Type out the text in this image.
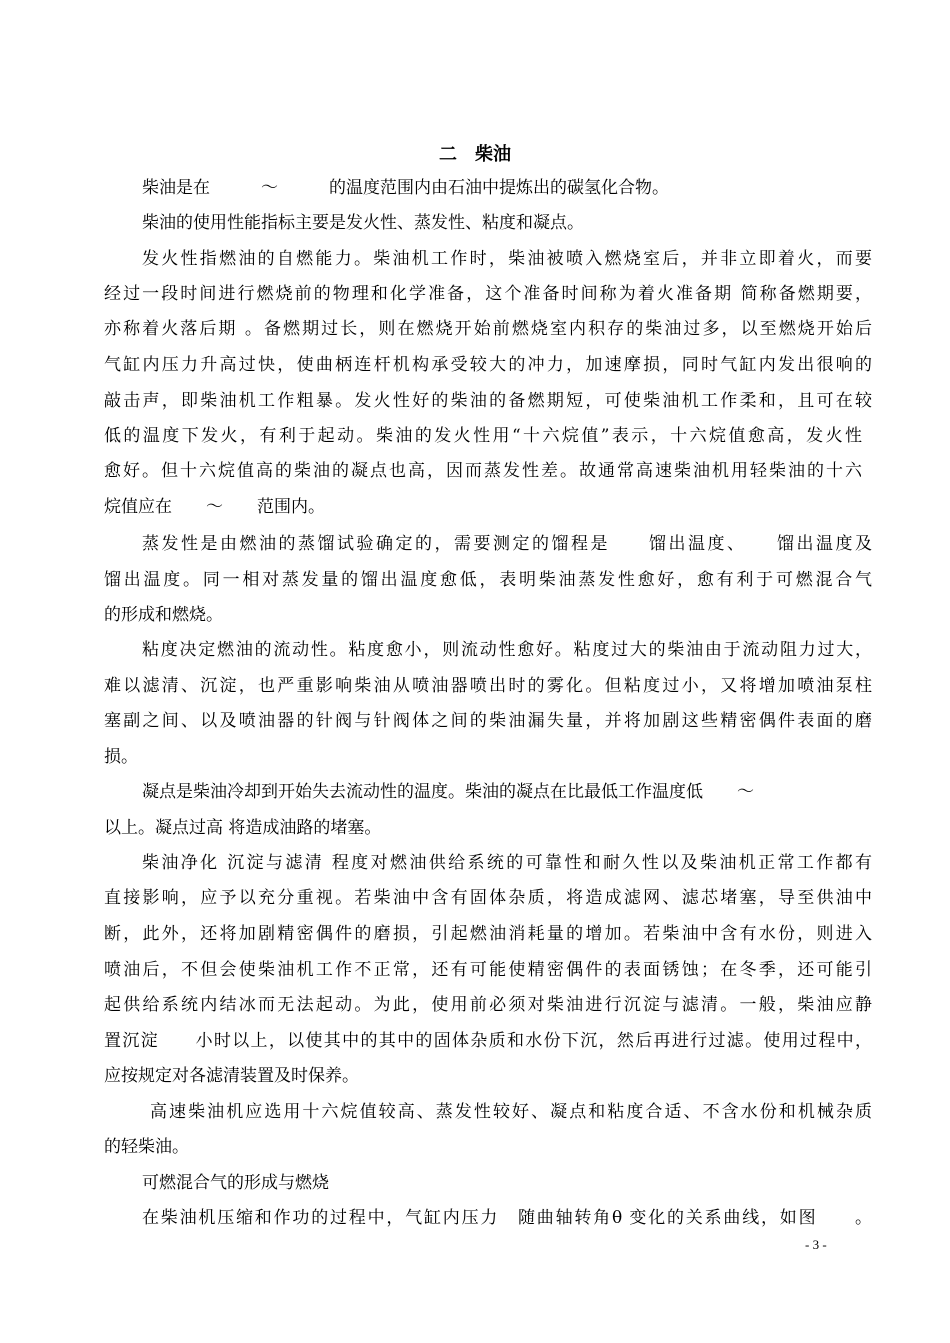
二　柴油
柴油是在　　　～　　　的温度范围内由石油中提炼出的碳氢化合物。
柴油的使用性能指标主要是发火性、蒸发性、粘度和凝点。
发火性指燃油的自燃能力。柴油机工作时，柴油被喷入燃烧室后，并非立即着火，而要
经过一段时间进行燃烧前的物理和化学准备，这个准备时间称为着火准备期 简称备燃期要，
亦称着火落后期 。备燃期过长，则在燃烧开始前燃烧室内积存的柴油过多，以至燃烧开始后
气缸内压力升高过快，使曲柄连杆机构承受较大的冲力，加速摩损，同时气缸内发出很响的
敲击声，即柴油机工作粗暴。发火性好的柴油的备燃期短，可使柴油机工作柔和，且可在较
低的温度下发火，有利于起动。柴油的发火性用“十六烷值”表示，十六烷值愈高，发火性
愈好。但十六烷值高的柴油的凝点也高，因而蒸发性差。故通常高速柴油机用轻柴油的十六
烷值应在　　～　　范围内。
蒸发性是由燃油的蒸馏试验确定的，需要测定的馏程是　　馏出温度、　　馏出温度及
馏出温度。同一相对蒸发量的馏出温度愈低，表明柴油蒸发性愈好，愈有利于可燃混合气
的形成和燃烧。
粘度决定燃油的流动性。粘度愈小，则流动性愈好。粘度过大的柴油由于流动阻力过大，
难以滤清、沉淀，也严重影响柴油从喷油器喷出时的雾化。但粘度过小，又将增加喷油泵柱
塞副之间、以及喷油器的针阀与针阀体之间的柴油漏失量，并将加剧这些精密偶件表面的磨
损。
凝点是柴油冷却到开始失去流动性的温度。柴油的凝点在比最低工作温度低　　～
以上。凝点过高 将造成油路的堵塞。
柴油净化 沉淀与滤清 程度对燃油供给系统的可靠性和耐久性以及柴油机正常工作都有
直接影响，应予以充分重视。若柴油中含有固体杂质，将造成滤网、滤芯堵塞，导至供油中
断，此外，还将加剧精密偶件的磨损，引起燃油消耗量的增加。若柴油中含有水份，则进入
喷油后，不但会使柴油机工作不正常，还有可能使精密偶件的表面锈蚀；在冬季，还可能引
起供给系统内结冰而无法起动。为此，使用前必须对柴油进行沉淀与滤清。一般，柴油应静
置沉淀　　小时以上，以使其中的其中的固体杂质和水份下沉，然后再进行过滤。使用过程中，
应按规定对各滤清装置及时保养。
高速柴油机应选用十六烷值较高、蒸发性较好、凝点和粘度合适、不含水份和机械杂质
的轻柴油。
可燃混合气的形成与燃烧
在柴油机压缩和作功的过程中，气缸内压力　随曲轴转角θ 变化的关系曲线，如图　　。
- 3 -
